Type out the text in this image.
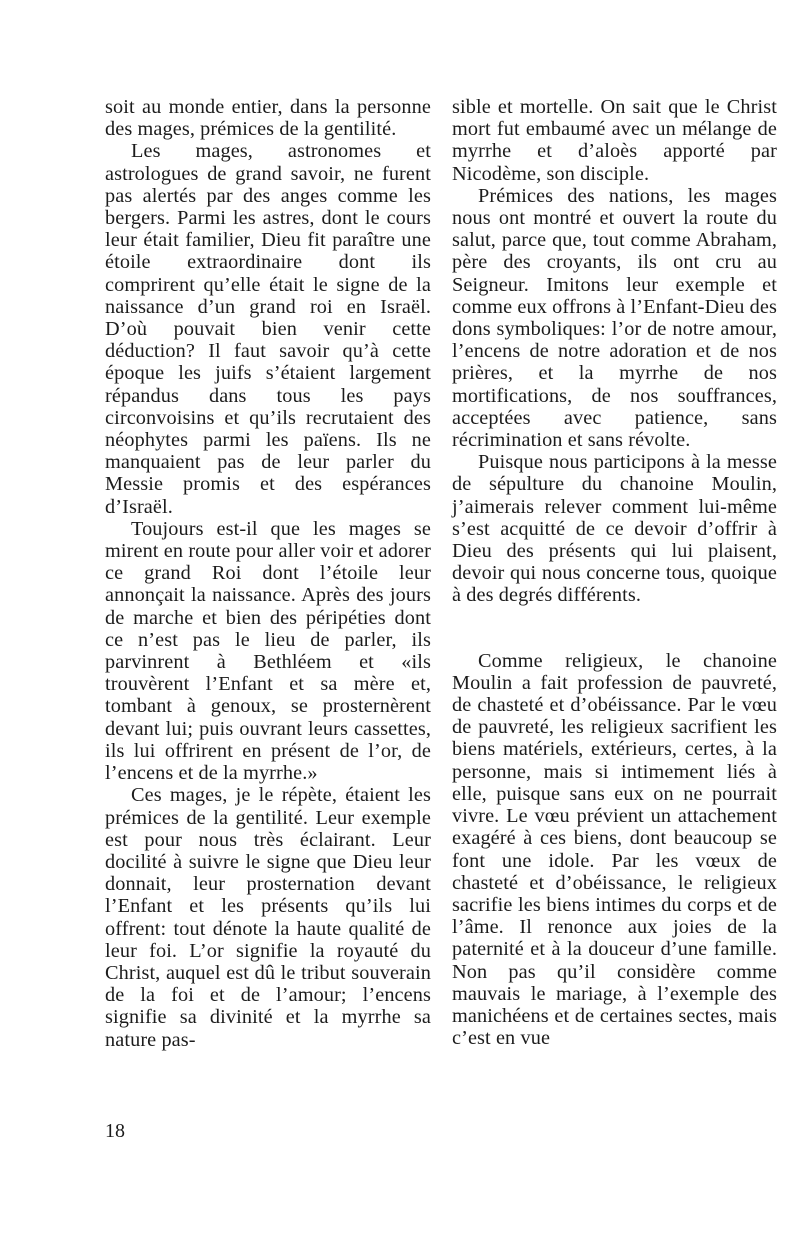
soit au monde entier, dans la personne des mages, prémices de la gentilité.

Les mages, astronomes et astrologues de grand savoir, ne furent pas alertés par des anges comme les bergers. Parmi les astres, dont le cours leur était familier, Dieu fit paraître une étoile extraordinaire dont ils comprirent qu’elle était le signe de la naissance d’un grand roi en Israël. D’où pouvait bien venir cette déduction? Il faut savoir qu’à cette époque les juifs s’étaient largement répandus dans tous les pays circonvoisins et qu’ils recrutaient des néophytes parmi les païens. Ils ne manquaient pas de leur parler du Messie promis et des espérances d’Israël.

Toujours est-il que les mages se mirent en route pour aller voir et adorer ce grand Roi dont l’étoile leur annonçait la naissance. Après des jours de marche et bien des péripéties dont ce n’est pas le lieu de parler, ils parvinrent à Bethléem et «ils trouvèrent l’Enfant et sa mère et, tombant à genoux, se prosternèrent devant lui; puis ouvrant leurs cassettes, ils lui offrirent en présent de l’or, de l’encens et de la myrrhe.»

Ces mages, je le répète, étaient les prémices de la gentilité. Leur exemple est pour nous très éclairant. Leur docilité à suivre le signe que Dieu leur donnait, leur prosternation devant l’Enfant et les présents qu’ils lui offrent: tout dénote la haute qualité de leur foi. L’or signifie la royauté du Christ, auquel est dû le tribut souverain de la foi et de l’amour; l’encens signifie sa divinité et la myrrhe sa nature pas-

sible et mortelle. On sait que le Christ mort fut embaumé avec un mélange de myrrhe et d’aloès apporté par Nicodème, son disciple.

Prémices des nations, les mages nous ont montré et ouvert la route du salut, parce que, tout comme Abraham, père des croyants, ils ont cru au Seigneur. Imitons leur exemple et comme eux offrons à l’Enfant-Dieu des dons symboliques: l’or de notre amour, l’encens de notre adoration et de nos prières, et la myrrhe de nos mortifications, de nos souffrances, acceptées avec patience, sans récrimination et sans révolte.

Puisque nous participons à la messe de sépulture du chanoine Moulin, j’aimerais relever comment lui-même s’est acquitté de ce devoir d’offrir à Dieu des présents qui lui plaisent, devoir qui nous concerne tous, quoique à des degrés différents.

Comme religieux, le chanoine Moulin a fait profession de pauvreté, de chasteté et d’obéissance. Par le vœu de pauvreté, les religieux sacrifient les biens matériels, extérieurs, certes, à la personne, mais si intimement liés à elle, puisque sans eux on ne pourrait vivre. Le vœu prévient un attachement exagéré à ces biens, dont beaucoup se font une idole. Par les vœux de chasteté et d’obéissance, le religieux sacrifie les biens intimes du corps et de l’âme. Il renonce aux joies de la paternité et à la douceur d’une famille. Non pas qu’il considère comme mauvais le mariage, à l’exemple des manichéens et de certaines sectes, mais c’est en vue

18
